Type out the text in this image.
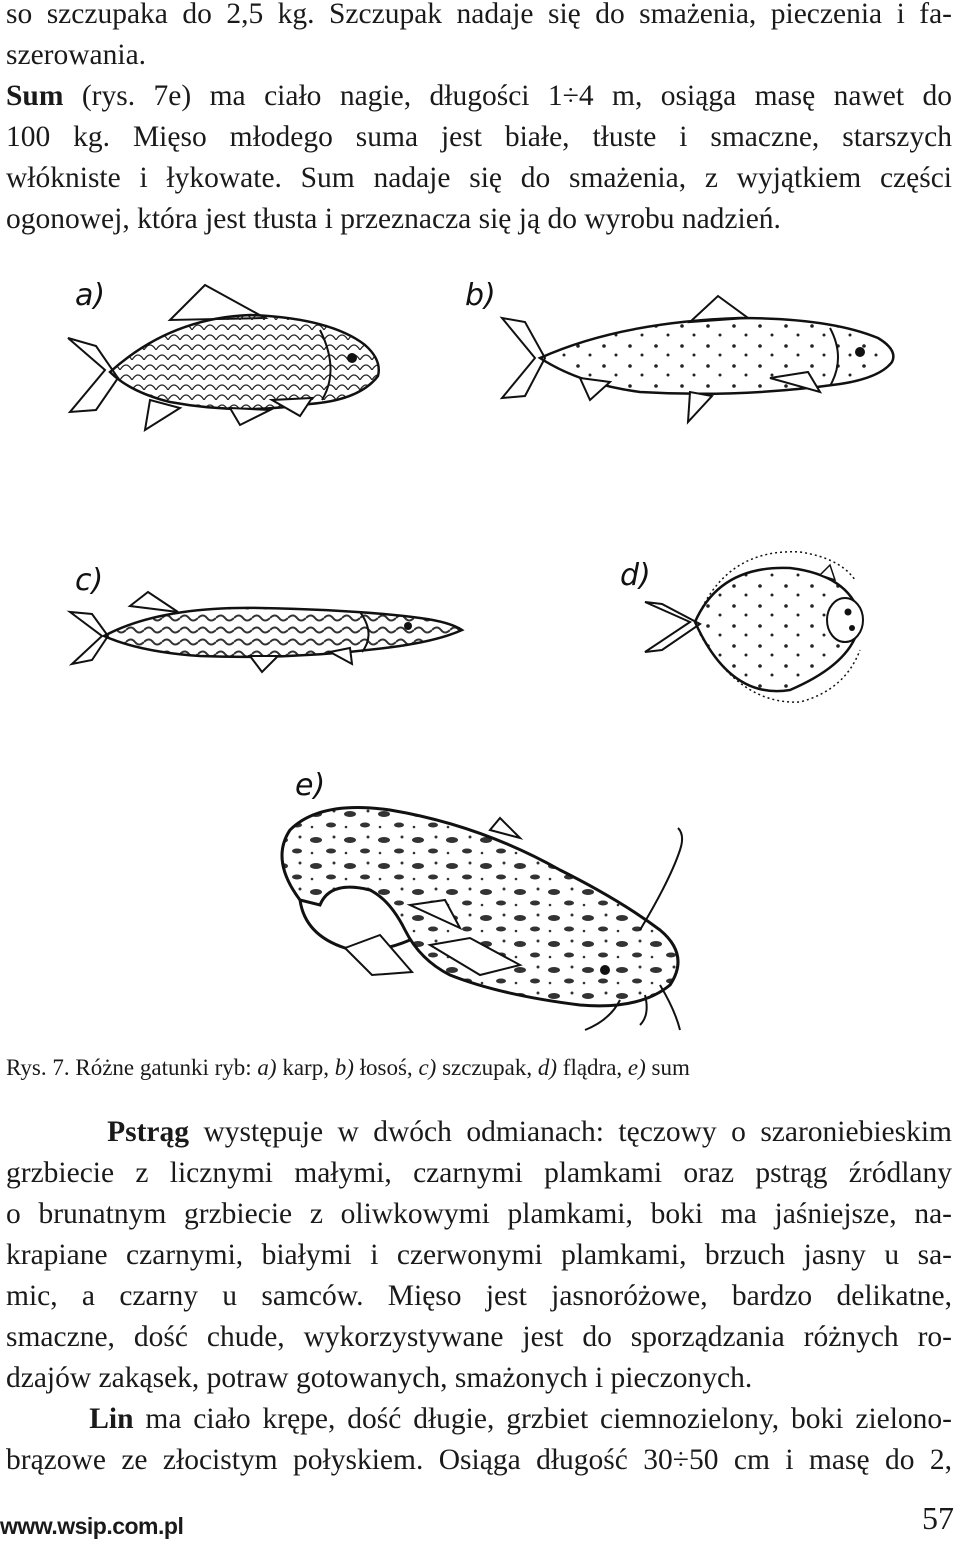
so szczupaka do 2,5 kg. Szczupak nadaje się do smażenia, pieczenia i fa-
szerowania.
Sum (rys. 7e) ma ciało nagie, długości 1÷4 m, osiąga masę nawet do
100 kg. Mięso młodego suma jest białe, tłuste i smaczne, starszych
włókniste i łykowate. Sum nadaje się do smażenia, z wyjątkiem części
ogonowej, która jest tłusta i przeznacza się ją do wyrobu nadzień.
a)	b)
c)	d)
e)
Rys. 7. Różne gatunki ryb: a) karp, b) łosoś, c) szczupak, d) flądra, e) sum
Pstrąg występuje w dwóch odmianach: tęczowy o szaroniebieskim
grzbiecie z licznymi małymi, czarnymi plamkami oraz pstrąg źródlany
o brunatnym grzbiecie z oliwkowymi plamkami, boki ma jaśniejsze, na-
krapiane czarnymi, białymi i czerwonymi plamkami, brzuch jasny u sa-
mic, a czarny u samców. Mięso jest jasnoróżowe, bardzo delikatne,
smaczne, dość chude, wykorzystywane jest do sporządzania różnych ro-
dzajów zakąsek, potraw gotowanych, smażonych i pieczonych.
Lin ma ciało krępe, dość długie, grzbiet ciemnozielony, boki zielono-
brązowe ze złocistym połyskiem. Osiąga długość 30÷50 cm i masę do 2,
www.wsip.com.pl	57
